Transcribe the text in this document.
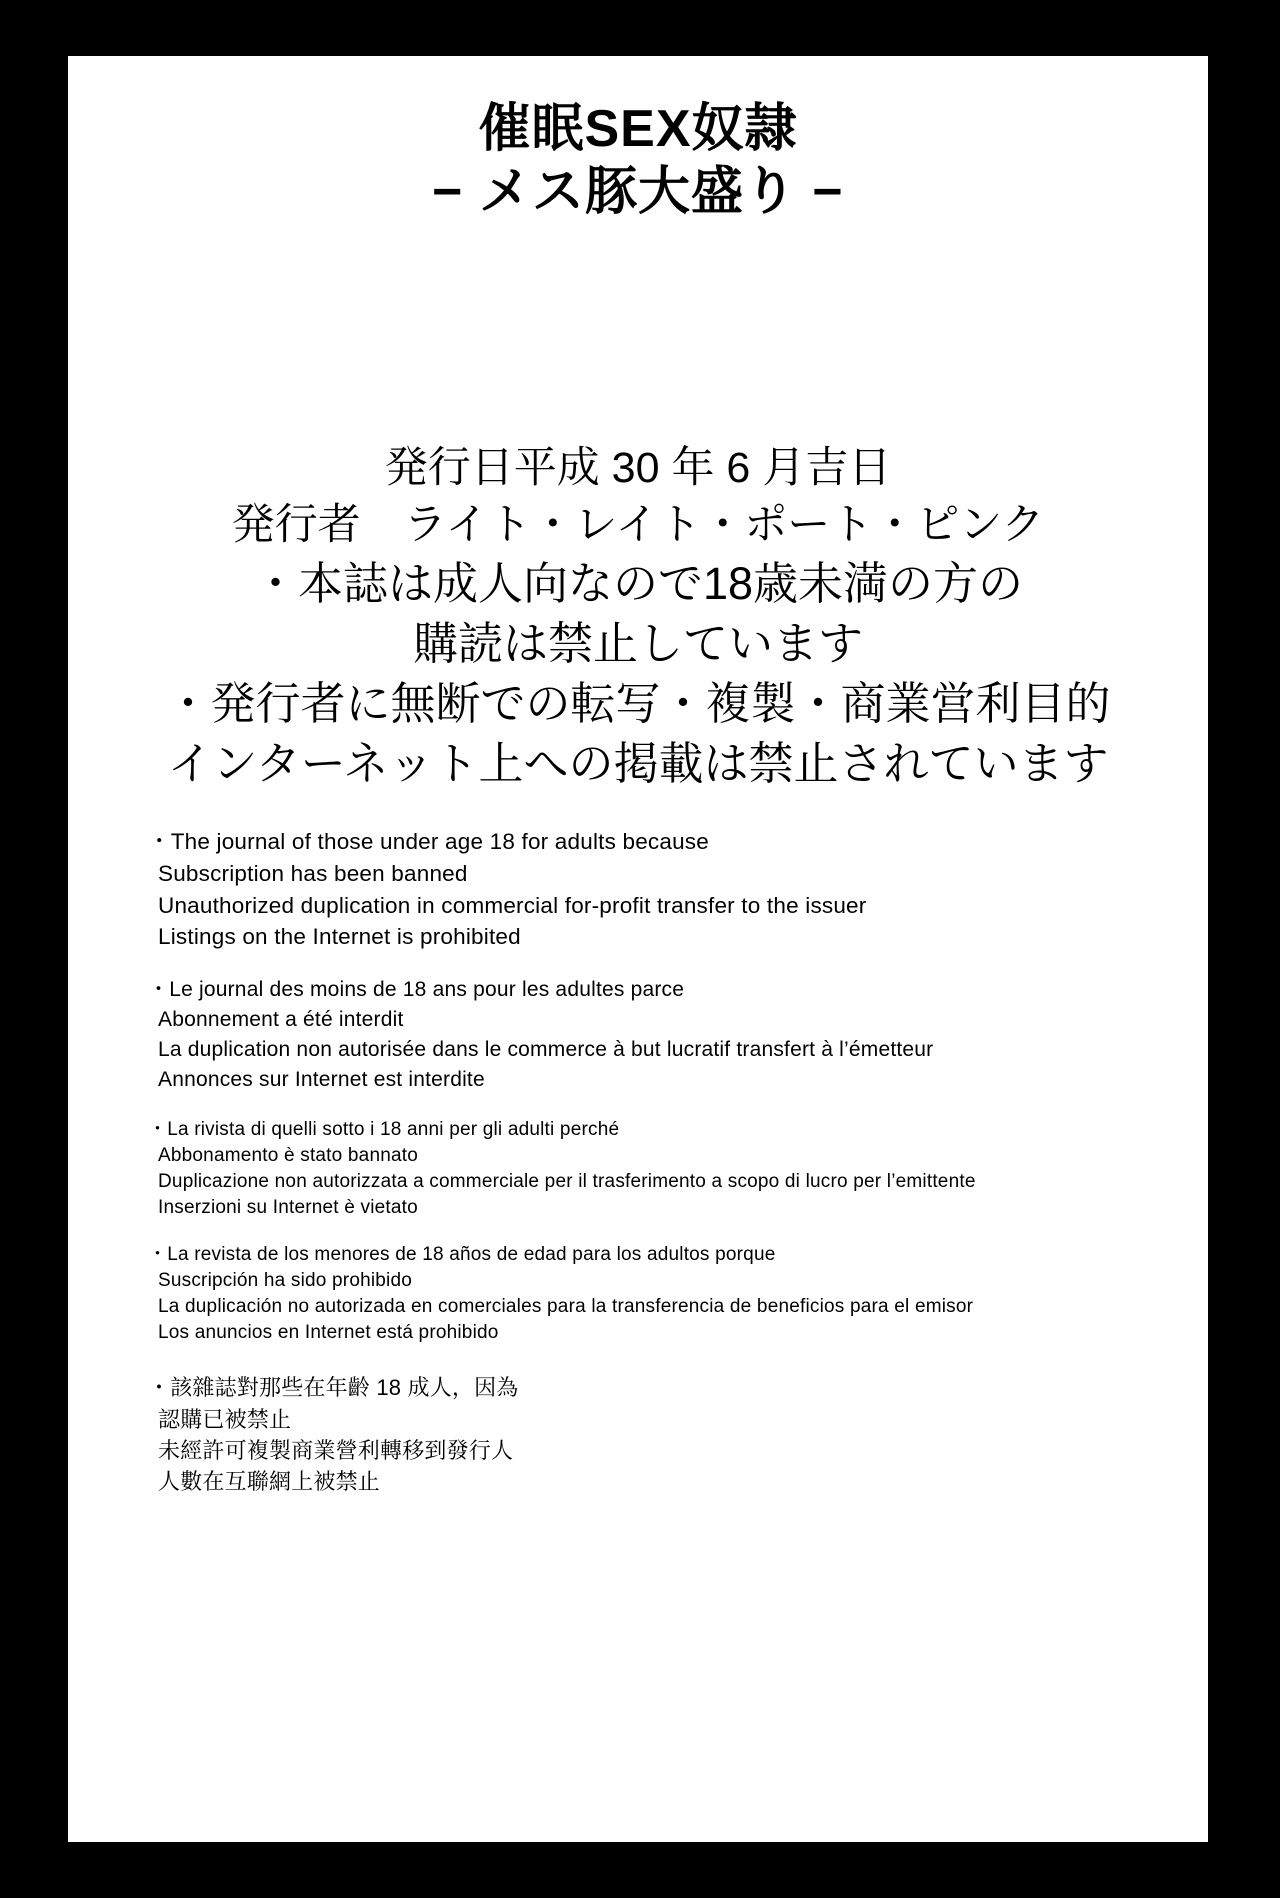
催眠SEX奴隷
− メス豚大盛り −
発行日平成 30 年 6 月吉日
発行者　ライト・レイト・ポート・ピンク
・本誌は成人向なので18歳未満の方の
購読は禁止しています
・発行者に無断での転写・複製・商業営利目的
インターネット上への掲載は禁止されています
・The journal of those under age 18 for adults because
Subscription has been banned
Unauthorized duplication in commercial for-profit transfer to the issuer
Listings on the Internet is prohibited
・Le journal des moins de 18 ans pour les adultes parce
Abonnement a été interdit
La duplication non autorisée dans le commerce à but lucratif transfert à l’émetteur
Annonces sur Internet est interdite
・La rivista di quelli sotto i 18 anni per gli adulti perché
Abbonamento è stato bannato
Duplicazione non autorizzata a commerciale per il trasferimento a scopo di lucro per l’emittente
Inserzioni su Internet è vietato
・La revista de los menores de 18 años de edad para los adultos porque
Suscripción ha sido prohibido
La duplicación no autorizada en comerciales para la transferencia de beneficios para el emisor
Los anuncios en Internet está prohibido
・該雜誌對那些在年齡 18 成人，因為
認購已被禁止
未經許可複製商業營利轉移到發行人
人數在互聯網上被禁止
